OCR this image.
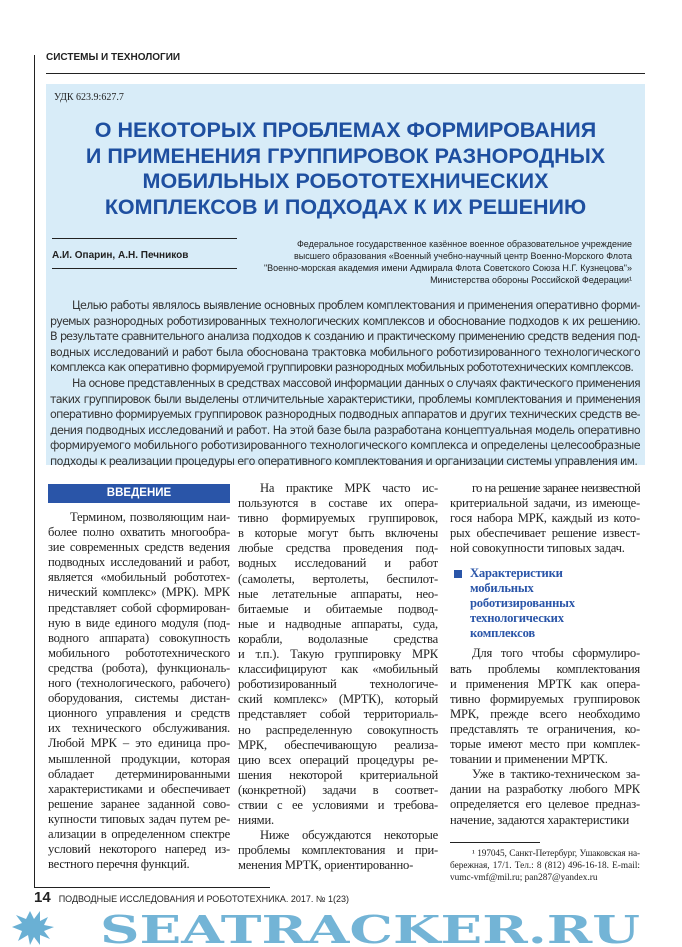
СИСТЕМЫ И ТЕХНОЛОГИИ
УДК 623.9:627.7
О НЕКОТОРЫХ ПРОБЛЕМАХ ФОРМИРОВАНИЯ
И ПРИМЕНЕНИЯ ГРУППИРОВОК РАЗНОРОДНЫХ
МОБИЛЬНЫХ РОБОТОТЕХНИЧЕСКИХ
КОМПЛЕКСОВ И ПОДХОДАХ К ИХ РЕШЕНИЮ
А.И. Опарин, А.Н. Печников
Федеральное государственное казённое военное образовательное учреждение
высшего образования «Военный учебно-научный центр Военно-Морского Флота
"Военно-морская академия имени Адмирала Флота Советского Союза Н.Г. Кузнецова"»
Министерства обороны Российской Федерации¹
Целью работы являлось выявление основных проблем комплектования и применения оперативно форми-
руемых разнородных роботизированных технологических комплексов и обоснование подходов к их решению.
В результате сравнительного анализа подходов к созданию и практическому применению средств ведения под-
водных исследований и работ была обоснована трактовка мобильного роботизированного технологического
комплекса как оперативно формируемой группировки разнородных мобильных робототехнических комплексов.
На основе представленных в средствах массовой информации данных о случаях фактического применения
таких группировок были выделены отличительные характеристики, проблемы комплектования и применения
оперативно формируемых группировок разнородных подводных аппаратов и других технических средств ве-
дения подводных исследований и работ. На этой базе была разработана концептуальная модель оперативно
формируемого мобильного роботизированного технологического комплекса и определены целесообразные
подходы к реализации процедуры его оперативного комплектования и организации системы управления им.
ВВЕДЕНИЕ
Термином, позволяющим наи-
более полно охватить многообра-
зие современных средств ведения
подводных исследований и работ,
является «мобильный робототех-
нический комплекс» (МРК). МРК
представляет собой сформирован-
ную в виде единого модуля (под-
водного аппарата) совокупность
мобильного робототехнического
средства (робота), функциональ-
ного (технологического, рабочего)
оборудования, системы дистан-
ционного управления и средств
их технического обслуживания.
Любой МРК – это единица про-
мышленной продукции, которая
обладает детерминированными
характеристиками и обеспечивает
решение заранее заданной сово-
купности типовых задач путем ре-
ализации в определенном спектре
условий некоторого наперед из-
вестного перечня функций.
На практике МРК часто ис-
пользуются в составе их опера-
тивно формируемых группировок,
в которые могут быть включены
любые средства проведения под-
водных исследований и работ
(самолеты, вертолеты, беспилот-
ные летательные аппараты, нео-
битаемые и обитаемые подвод-
ные и надводные аппараты, суда,
корабли, водолазные средства
и т.п.). Такую группировку МРК
классифицируют как «мобильный
роботизированный технологиче-
ский комплекс» (МРТК), который
представляет собой территориаль-
но распределенную совокупность
МРК, обеспечивающую реализа-
цию всех операций процедуры ре-
шения некоторой критериальной
(конкретной) задачи в соответ-
ствии с ее условиями и требова-
ниями.
Ниже обсуждаются некоторые
проблемы комплектования и при-
менения МРТК, ориентированно-
го на решение заранее неизвестной
критериальной задачи, из имеюще-
гося набора МРК, каждый из кото-
рых обеспечивает решение извест-
ной совокупности типовых задач.
Характеристики
мобильных
роботизированных
технологических
комплексов
Для того чтобы сформулиро-
вать проблемы комплектования
и применения МРТК как опера-
тивно формируемых группировок
МРК, прежде всего необходимо
представлять те ограничения, ко-
торые имеют место при комплек-
товании и применении МРТК.
Уже в тактико-техническом за-
дании на разработку любого МРК
определяется его целевое предназ-
начение, задаются характеристики
¹ 197045, Санкт-Петербург, Ушаковская на-
бережная, 17/1. Тел.: 8 (812) 496-16-18. E-mail:
vumc-vmf@mil.ru; pan287@yandex.ru
14 ПОДВОДНЫЕ ИССЛЕДОВАНИЯ И РОБОТОТЕХНИКА. 2017. № 1(23)
SEATRACKER.RU
